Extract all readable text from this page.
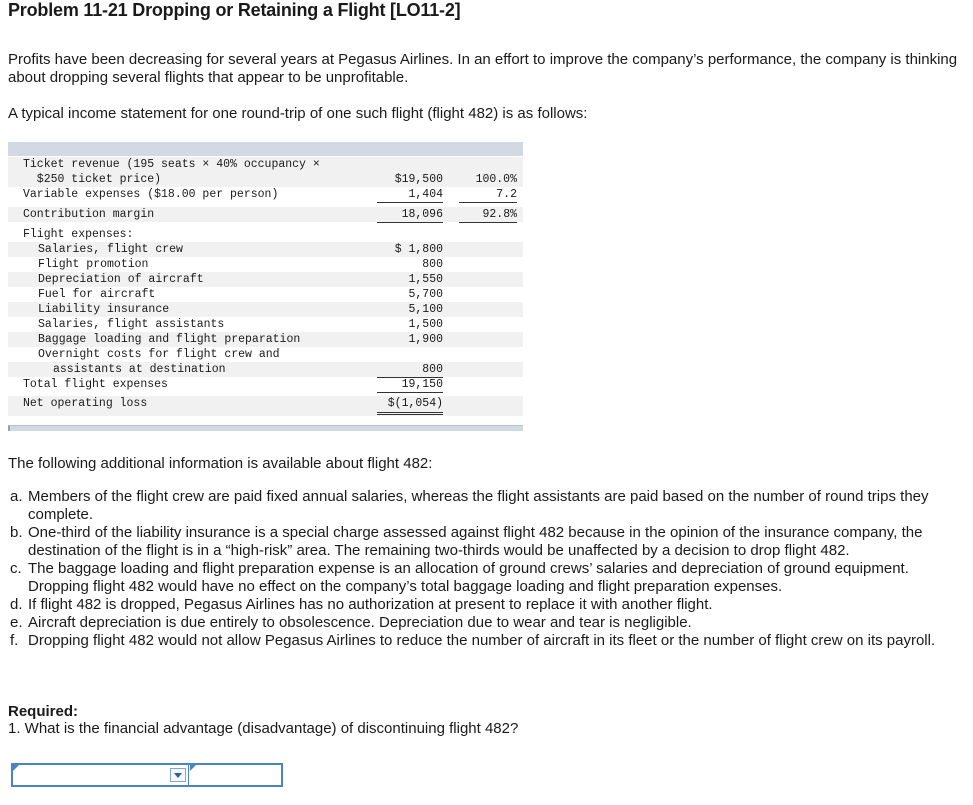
Problem 11-21 Dropping or Retaining a Flight [LO11-2]
Profits have been decreasing for several years at Pegasus Airlines. In an effort to improve the company’s performance, the company is thinking about dropping several flights that appear to be unprofitable.
A typical income statement for one round-trip of one such flight (flight 482) is as follows:
Ticket revenue (195 seats × 40% occupancy ×
$250 ticket price)	$19,500	100.0%
Variable expenses ($18.00 per person)	1,404	7.2
Contribution margin	18,096	92.8%
Flight expenses:
Salaries, flight crew	$ 1,800
Flight promotion	800
Depreciation of aircraft	1,550
Fuel for aircraft	5,700
Liability insurance	5,100
Salaries, flight assistants	1,500
Baggage loading and flight preparation	1,900
Overnight costs for flight crew and
assistants at destination	800
Total flight expenses	19,150
Net operating loss	$(1,054)
The following additional information is available about flight 482:
a. Members of the flight crew are paid fixed annual salaries, whereas the flight assistants are paid based on the number of round trips they complete.
b. One-third of the liability insurance is a special charge assessed against flight 482 because in the opinion of the insurance company, the destination of the flight is in a “high-risk” area. The remaining two-thirds would be unaffected by a decision to drop flight 482.
c. The baggage loading and flight preparation expense is an allocation of ground crews’ salaries and depreciation of ground equipment. Dropping flight 482 would have no effect on the company’s total baggage loading and flight preparation expenses.
d. If flight 482 is dropped, Pegasus Airlines has no authorization at present to replace it with another flight.
e. Aircraft depreciation is due entirely to obsolescence. Depreciation due to wear and tear is negligible.
f. Dropping flight 482 would not allow Pegasus Airlines to reduce the number of aircraft in its fleet or the number of flight crew on its payroll.
Required:
1. What is the financial advantage (disadvantage) of discontinuing flight 482?
